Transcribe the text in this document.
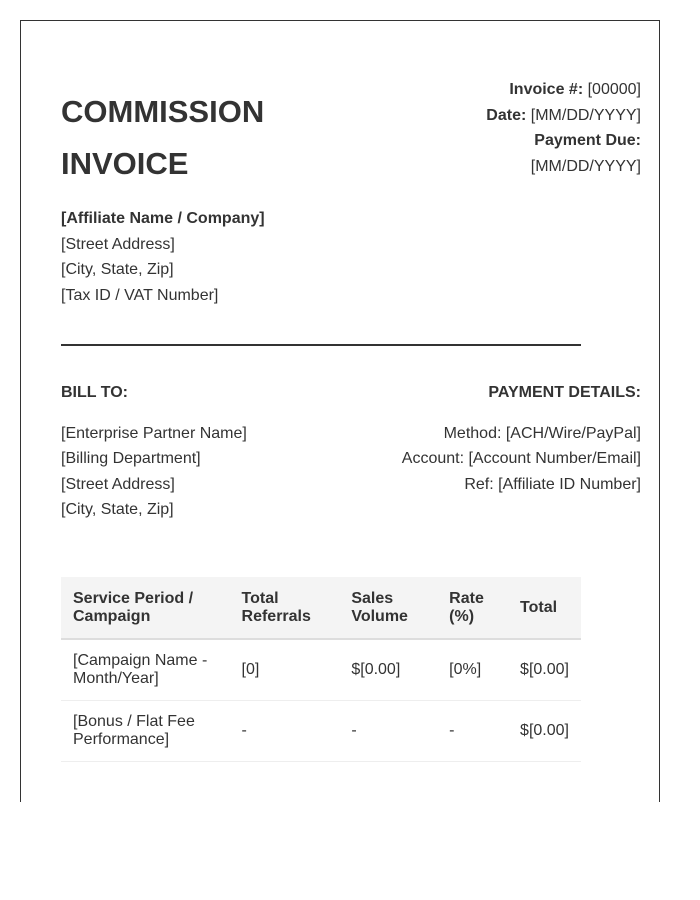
COMMISSION
INVOICE
Invoice #: [00000]
Date: [MM/DD/YYYY]
Payment Due:
[MM/DD/YYYY]
[Affiliate Name / Company]
[Street Address]
[City, State, Zip]
[Tax ID / VAT Number]
BILL TO:
[Enterprise Partner Name]
[Billing Department]
[Street Address]
[City, State, Zip]
PAYMENT DETAILS:
Method: [ACH/Wire/PayPal]
Account: [Account Number/Email]
Ref: [Affiliate ID Number]
Service Period / Campaign	Total Referrals	Sales Volume	Rate (%)	Total
[Campaign Name - Month/Year]	[0]	$[0.00]	[0%]	$[0.00]
[Bonus / Flat Fee Performance]	-	-	-	$[0.00]
